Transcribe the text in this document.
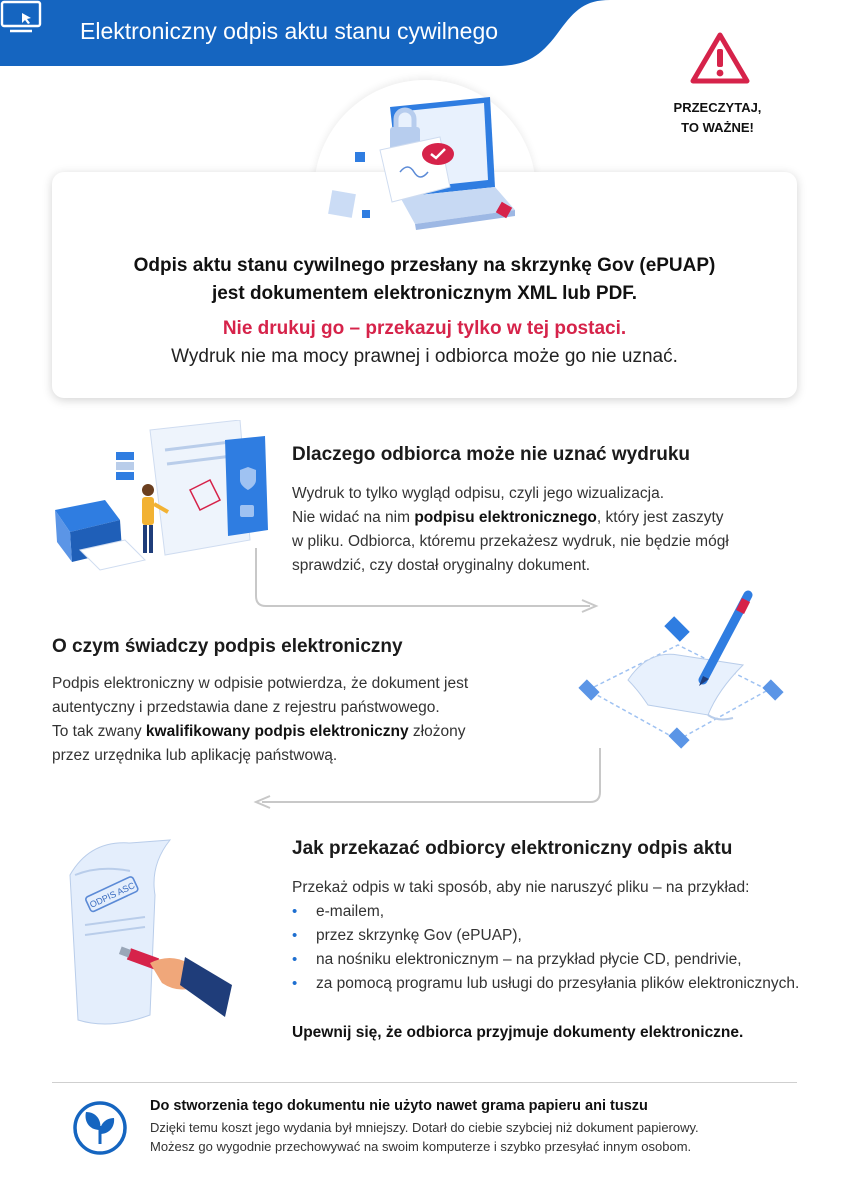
Elektroniczny odpis aktu stanu cywilnego
PRZECZYTAJ,
TO WAŻNE!
Odpis aktu stanu cywilnego przesłany na skrzynkę Gov (ePUAP)
jest dokumentem elektronicznym XML lub PDF.
Nie drukuj go – przekazuj tylko w tej postaci.
Wydruk nie ma mocy prawnej i odbiorca może go nie uznać.
Dlaczego odbiorca może nie uznać wydruku
Wydruk to tylko wygląd odpisu, czyli jego wizualizacja.
Nie widać na nim podpisu elektronicznego, który jest zaszyty
w pliku. Odbiorca, któremu przekażesz wydruk, nie będzie mógł
sprawdzić, czy dostał oryginalny dokument.
O czym świadczy podpis elektroniczny
Podpis elektroniczny w odpisie potwierdza, że dokument jest
autentyczny i przedstawia dane z rejestru państwowego.
To tak zwany kwalifikowany podpis elektroniczny złożony
przez urzędnika lub aplikację państwową.
ODPIS ASC
Jak przekazać odbiorcy elektroniczny odpis aktu
Przekaż odpis w taki sposób, aby nie naruszyć pliku – na przykład:
• e-mailem,
• przez skrzynkę Gov (ePUAP),
• na nośniku elektronicznym – na przykład płycie CD, pendrivie,
• za pomocą programu lub usługi do przesyłania plików elektronicznych.
Upewnij się, że odbiorca przyjmuje dokumenty elektroniczne.
Do stworzenia tego dokumentu nie użyto nawet grama papieru ani tuszu
Dzięki temu koszt jego wydania był mniejszy. Dotarł do ciebie szybciej niż dokument papierowy.
Możesz go wygodnie przechowywać na swoim komputerze i szybko przesyłać innym osobom.
